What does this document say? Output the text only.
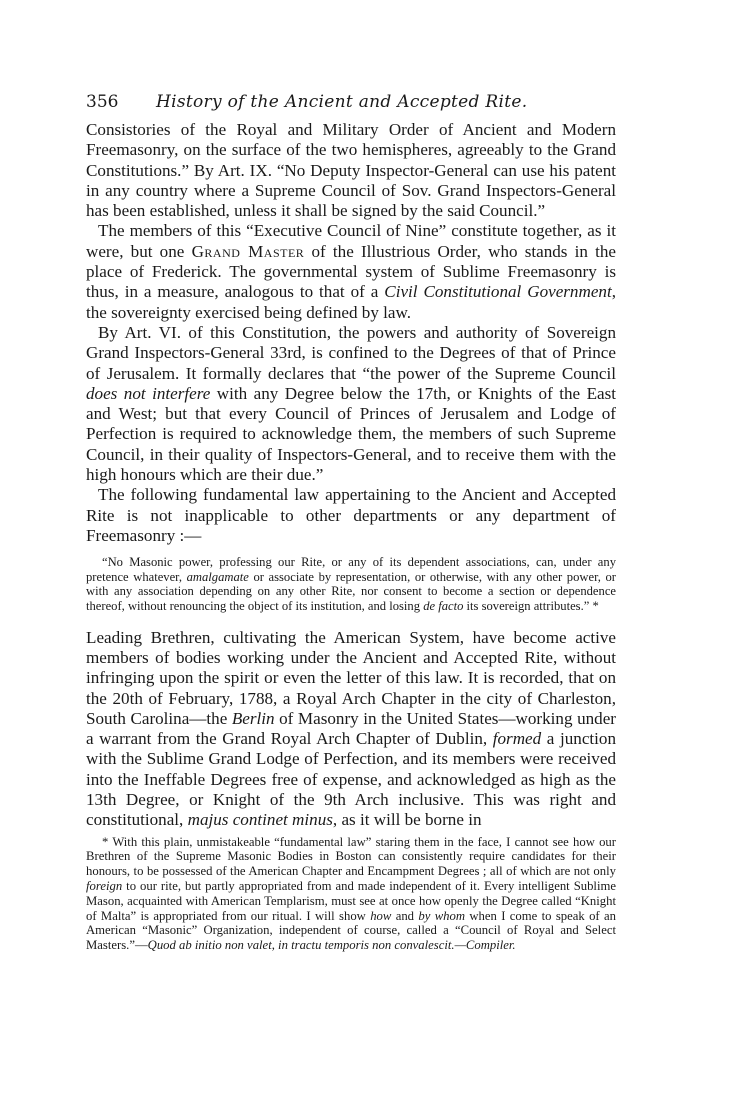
356	History of the Ancient and Accepted Rite.

Consistories of the Royal and Military Order of Ancient and Modern Freemasonry, on the surface of the two hemispheres, agreeably to the Grand Constitutions.” By Art. IX. “No Deputy Inspector-General can use his patent in any country where a Supreme Council of Sov. Grand Inspectors-General has been established, unless it shall be signed by the said Council.”

The members of this “Executive Council of Nine” constitute together, as it were, but one Grand Master of the Illustrious Order, who stands in the place of Frederick. The governmental system of Sublime Freemasonry is thus, in a measure, analogous to that of a Civil Constitutional Government, the sovereignty exercised being defined by law.

By Art. VI. of this Constitution, the powers and authority of Sovereign Grand Inspectors-General 33rd, is confined to the Degrees of that of Prince of Jerusalem. It formally declares that “the power of the Supreme Council does not interfere with any Degree below the 17th, or Knights of the East and West; but that every Council of Princes of Jerusalem and Lodge of Perfection is required to acknowledge them, the members of such Supreme Council, in their quality of Inspectors-General, and to receive them with the high honours which are their due.”

The following fundamental law appertaining to the Ancient and Accepted Rite is not inapplicable to other departments or any department of Freemasonry :—

“No Masonic power, professing our Rite, or any of its dependent associations, can, under any pretence whatever, amalgamate or associate by representation, or otherwise, with any other power, or with any association depending on any other Rite, nor consent to become a section or dependence thereof, without renouncing the object of its institution, and losing de facto its sovereign attributes.” *

Leading Brethren, cultivating the American System, have become active members of bodies working under the Ancient and Accepted Rite, without infringing upon the spirit or even the letter of this law. It is recorded, that on the 20th of February, 1788, a Royal Arch Chapter in the city of Charleston, South Carolina—the Berlin of Masonry in the United States—working under a warrant from the Grand Royal Arch Chapter of Dublin, formed a junction with the Sublime Grand Lodge of Perfection, and its members were received into the Ineffable Degrees free of expense, and acknowledged as high as the 13th Degree, or Knight of the 9th Arch inclusive. This was right and constitutional, majus continet minus, as it will be borne in

* With this plain, unmistakeable “fundamental law” staring them in the face, I cannot see how our Brethren of the Supreme Masonic Bodies in Boston can consistently require candidates for their honours, to be possessed of the American Chapter and Encampment Degrees ; all of which are not only foreign to our rite, but partly appropriated from and made independent of it. Every intelligent Sublime Mason, acquainted with American Templarism, must see at once how openly the Degree called “Knight of Malta” is appropriated from our ritual. I will show how and by whom when I come to speak of an American “Masonic” Organization, independent of course, called a “Council of Royal and Select Masters.”—Quod ab initio non valet, in tractu temporis non convalescit.—Compiler.
